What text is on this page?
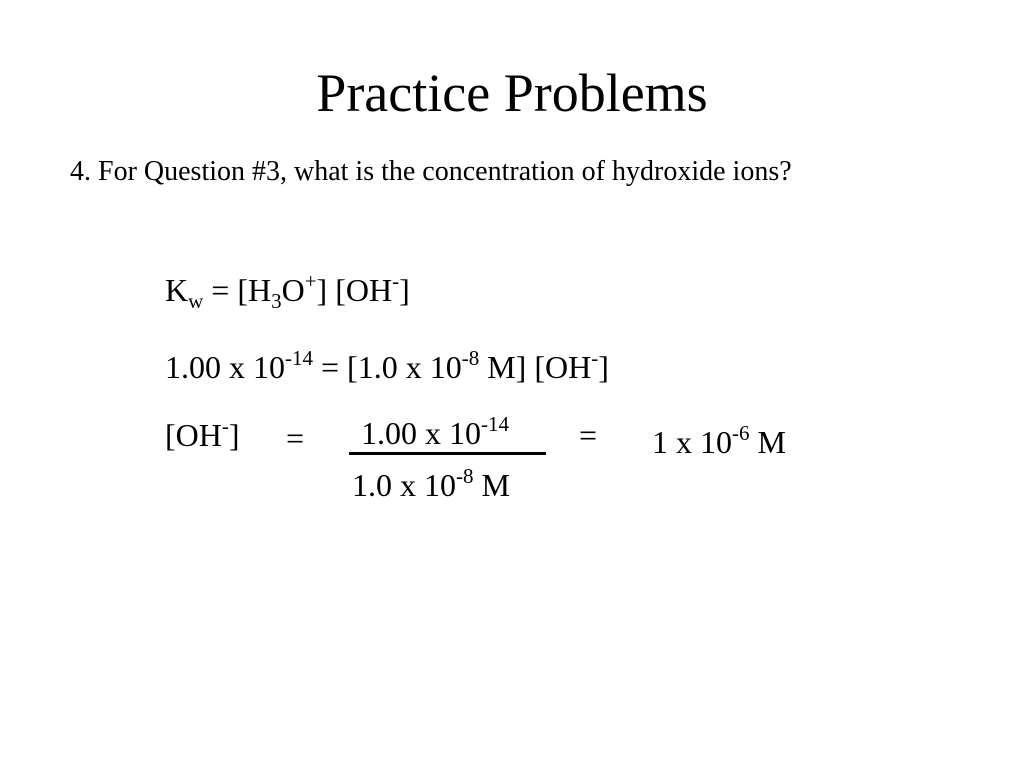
Practice Problems
4. For Question #3, what is the concentration of hydroxide ions?
$K_w = [H_3O^+]$ [OH-]
1.00 x $10^{-14} = [1.0$ x $10^{-8}$ M] [OH-]
[OH-] = 1.00 x $10^{-14}$
1.0 x $10^{-8}$ M
= 1 x $10^{-6}$ M
